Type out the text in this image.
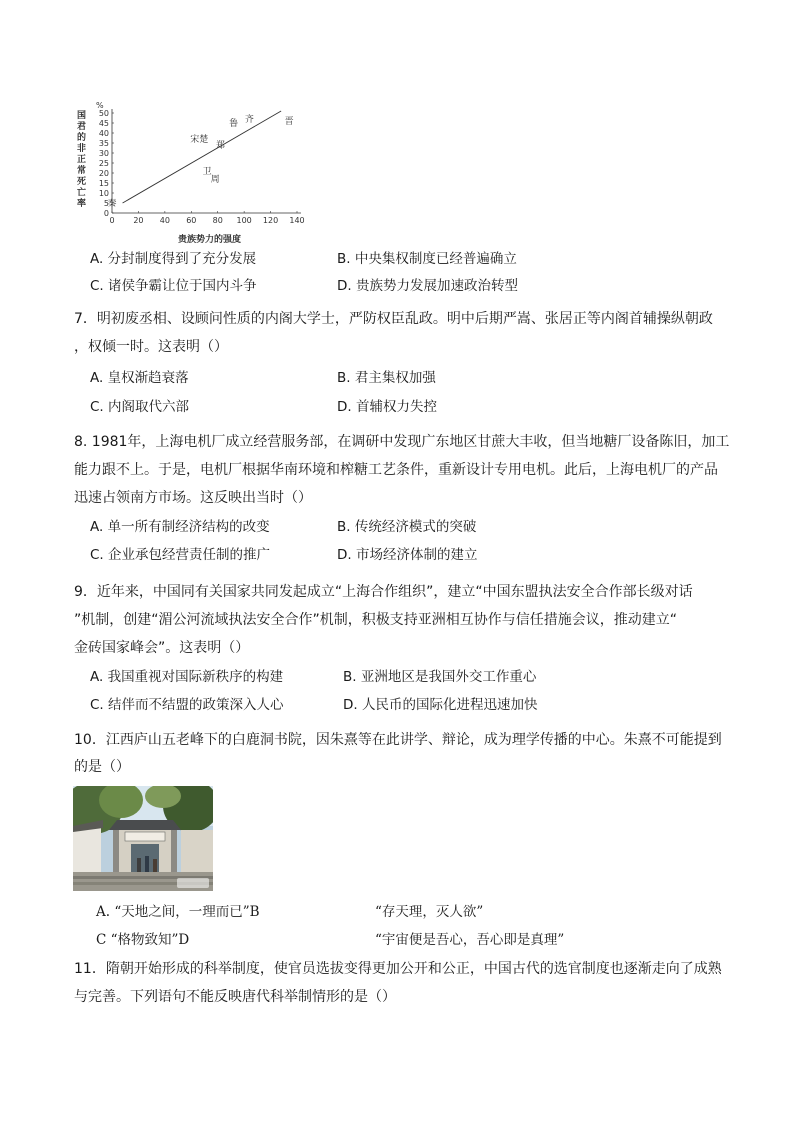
0 20 40 60 80 100 120 140
0
5
10
15
20
25
30
35
40
45
50
秦
卫
周
宋楚
郑
鲁 齐	晋
%
贵族势力的强度
国君的非正常死亡率
A. 分封制度得到了充分发展	B. 中央集权制度已经普遍确立
C. 诸侯争霸让位于国内斗争	D. 贵族势力发展加速政治转型
7．明初废丞相、设顾问性质的内阁大学士，严防权臣乱政。明中后期严嵩、张居正等内阁首辅操纵朝政
，权倾一时。这表明（）
A. 皇权渐趋衰落	B. 君主集权加强
C. 内阁取代六部	D. 首辅权力失控
8. 1981年，上海电机厂成立经营服务部，在调研中发现广东地区甘蔗大丰收，但当地糖厂设备陈旧，加工
能力跟不上。于是，电机厂根据华南环境和榨糖工艺条件，重新设计专用电机。此后，上海电机厂的产品
迅速占领南方市场。这反映出当时（）
A. 单一所有制经济结构的改变	B. 传统经济模式的突破
C. 企业承包经营责任制的推广	D. 市场经济体制的建立
9．近年来，中国同有关国家共同发起成立“上海合作组织”，建立“中国东盟执法安全合作部长级对话
”机制，创建“湄公河流域执法安全合作”机制，积极支持亚洲相互协作与信任措施会议，推动建立“
金砖国家峰会”。这表明（）
A. 我国重视对国际新秩序的构建	B. 亚洲地区是我国外交工作重心
C. 结伴而不结盟的政策深入人心	D. 人民币的国际化进程迅速加快
10．江西庐山五老峰下的白鹿洞书院，因朱熹等在此讲学、辩论，成为理学传播的中心。朱熹不可能提到
的是（）
A. “天地之间，一理而已”B	“存天理，灭人欲”
C “格物致知”D	“宇宙便是吾心，吾心即是真理”
11．隋朝开始形成的科举制度，使官员选拔变得更加公开和公正，中国古代的选官制度也逐渐走向了成熟
与完善。下列语句不能反映唐代科举制情形的是（）
